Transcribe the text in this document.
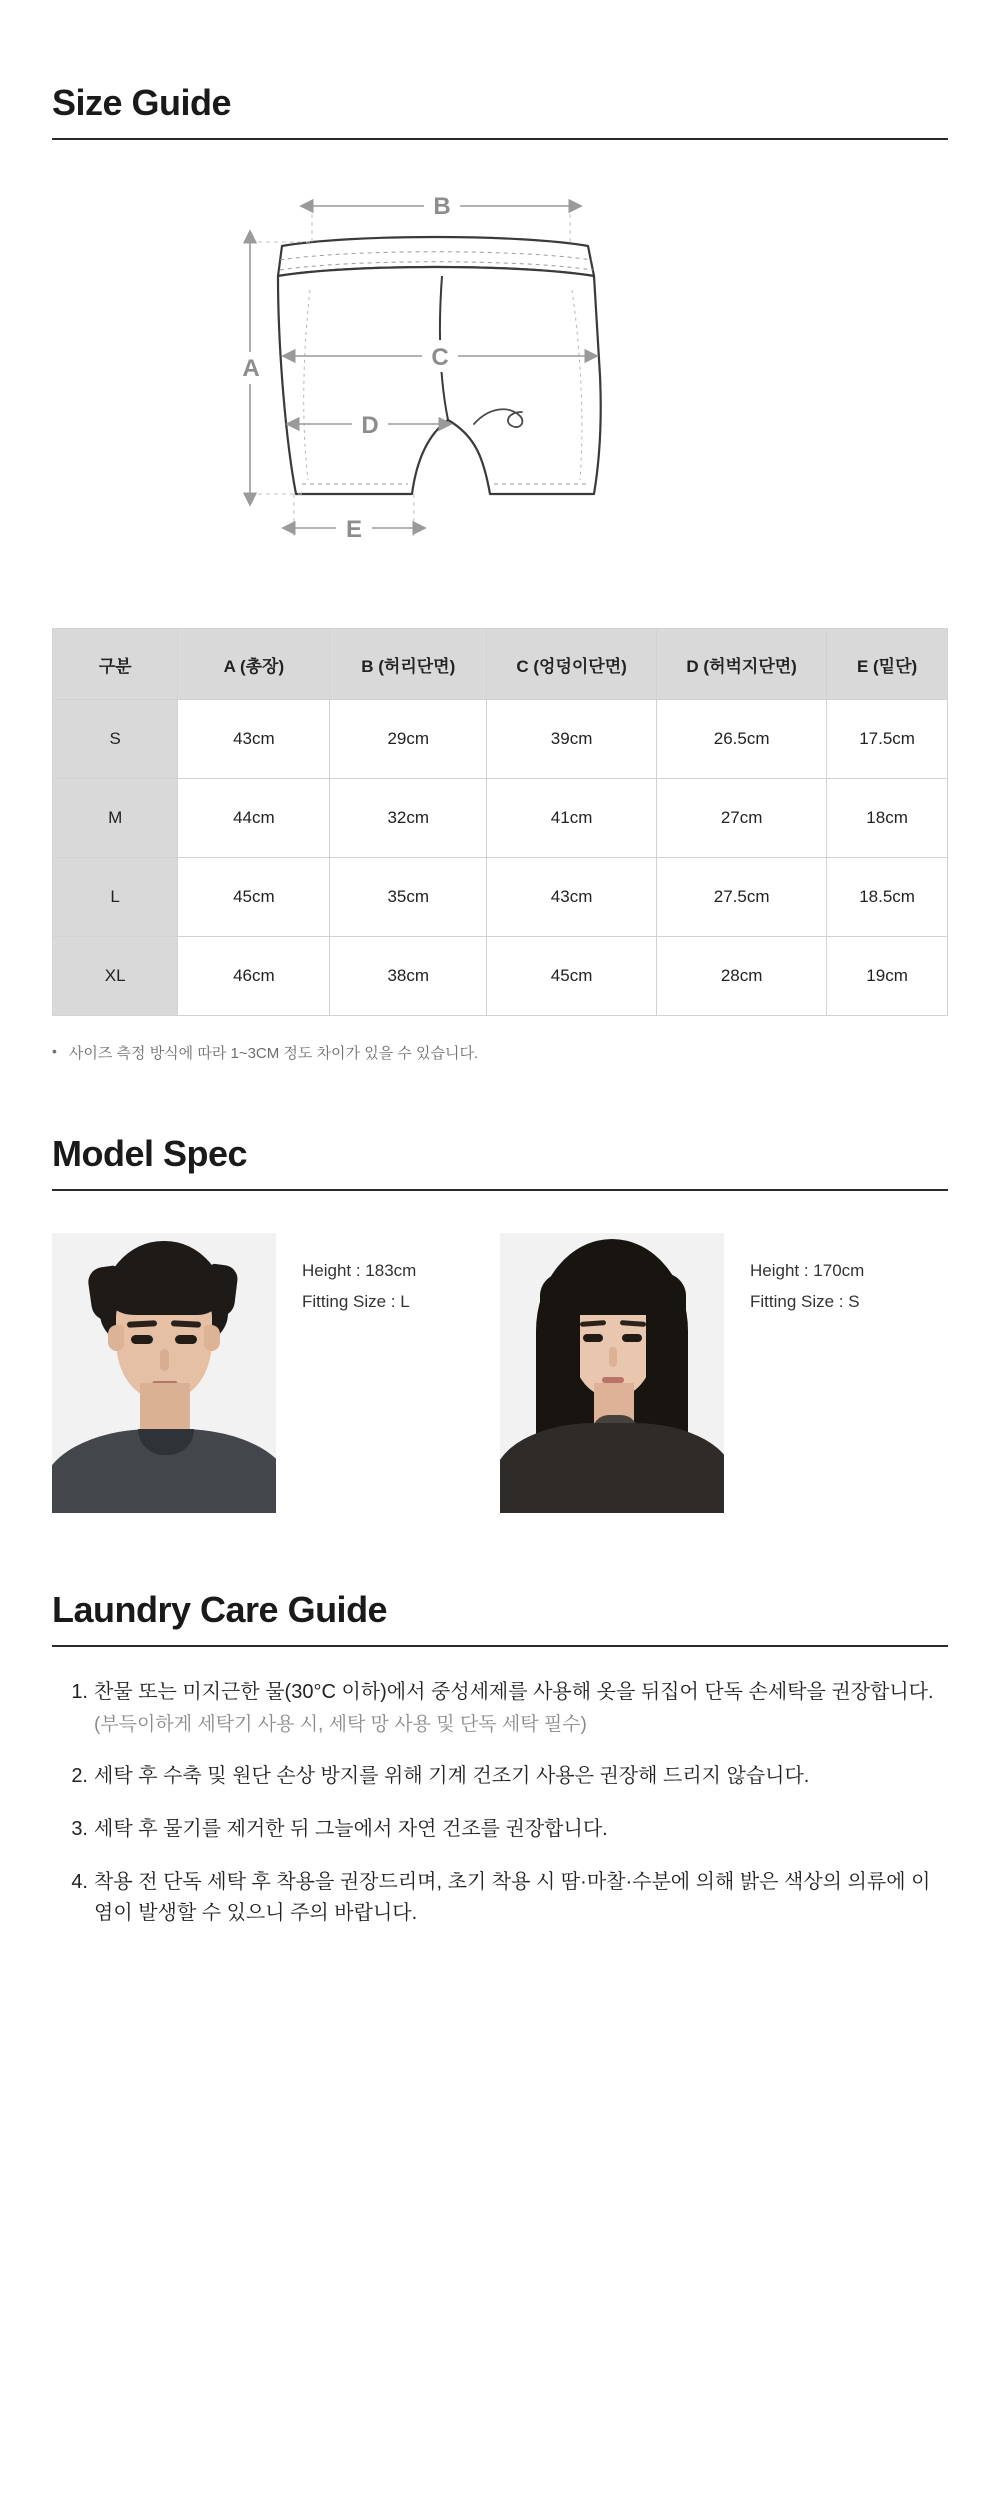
Size Guide
B
A	C
D
E
구분	A (총장)	B (허리단면)	C (엉덩이단면)	D (허벅지단면)	E (밑단)
S	43cm	29cm	39cm	26.5cm	17.5cm
M	44cm	32cm	41cm	27cm	18cm
L	45cm	35cm	43cm	27.5cm	18.5cm
XL	46cm	38cm	45cm	28cm	19cm
• 사이즈 측정 방식에 따라 1~3CM 정도 차이가 있을 수 있습니다.
Model Spec
Height : 183cm
Fitting Size : L
Height : 170cm
Fitting Size : S
Laundry Care Guide
1. 찬물 또는 미지근한 물(30°C 이하)에서 중성세제를 사용해 옷을 뒤집어 단독 손세탁을 권장합니다.
(부득이하게 세탁기 사용 시, 세탁 망 사용 및 단독 세탁 필수)
2. 세탁 후 수축 및 원단 손상 방지를 위해 기계 건조기 사용은 권장해 드리지 않습니다.
3. 세탁 후 물기를 제거한 뒤 그늘에서 자연 건조를 권장합니다.
4. 착용 전 단독 세탁 후 착용을 권장드리며, 초기 착용 시 땀·마찰·수분에 의해 밝은 색상의 의류에 이염이 발생할 수 있으니 주의 바랍니다.
